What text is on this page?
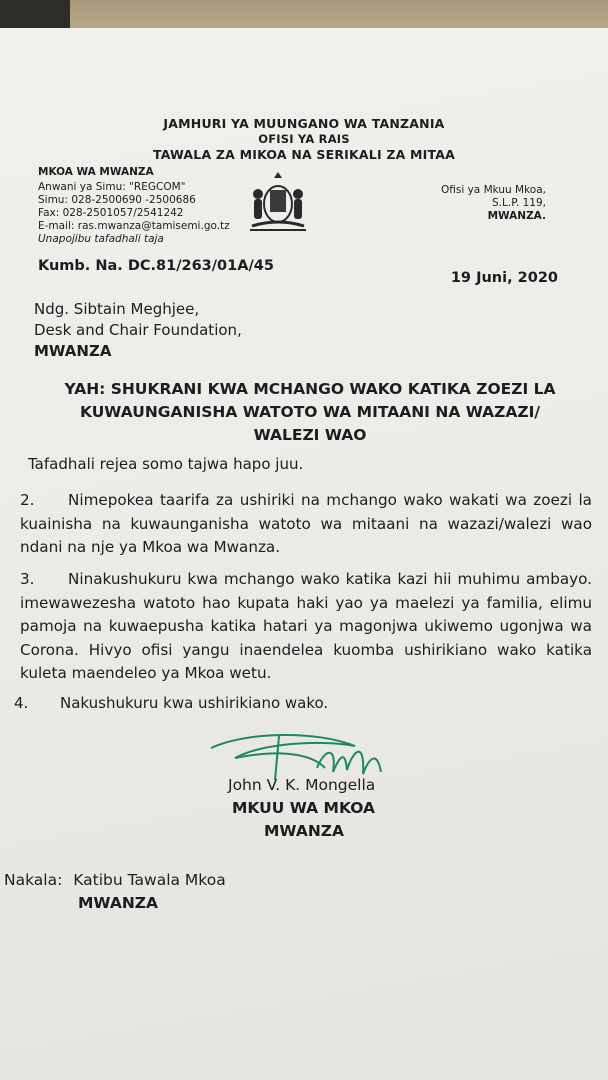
JAMHURI YA MUUNGANO WA TANZANIA

OFISI YA RAIS

TAWALA ZA MIKOA NA SERIKALI ZA MITAA

MKOA WA MWANZA

Anwani ya Simu: "REGCOM"

Simu: 028-2500690 -2500686

Fax: 028-2501057/2541242

E-mail: ras.mwanza@tamisemi.go.tz

Unapojibu tafadhali taja

Ofisi ya Mkuu Mkoa,

S.L.P. 119,

MWANZA.

Kumb. Na. DC.81/263/01A/45

19 Juni, 2020

Ndg. Sibtain Meghjee,

Desk and Chair Foundation,

MWANZA

YAH: SHUKRANI KWA MCHANGO WAKO KATIKA ZOEZI LA

KUWAUNGANISHA WATOTO WA MITAANI NA WAZAZI/

WALEZI WAO

Tafadhali rejea somo tajwa hapo juu.

2. Nimepokea taarifa za ushiriki na mchango wako wakati wa zoezi la kuainisha na kuwaunganisha watoto wa mitaani na wazazi/walezi wao ndani na nje ya Mkoa wa Mwanza.
3. Ninakushukuru kwa mchango wako katika kazi hii muhimu ambayo. imewawezesha watoto hao kupata haki yao ya maelezi ya familia, elimu pamoja na kuwaepusha katika hatari ya magonjwa ukiwemo ugonjwa wa Corona. Hivyo ofisi yangu inaendelea kuomba ushirikiano wako katika kuleta maendeleo ya Mkoa wetu.

4. Nakushukuru kwa ushirikiano wako.

John V. K. Mongella

MKUU WA MKOA

MWANZA

Nakala: Katibu Tawala Mkoa

MWANZA
